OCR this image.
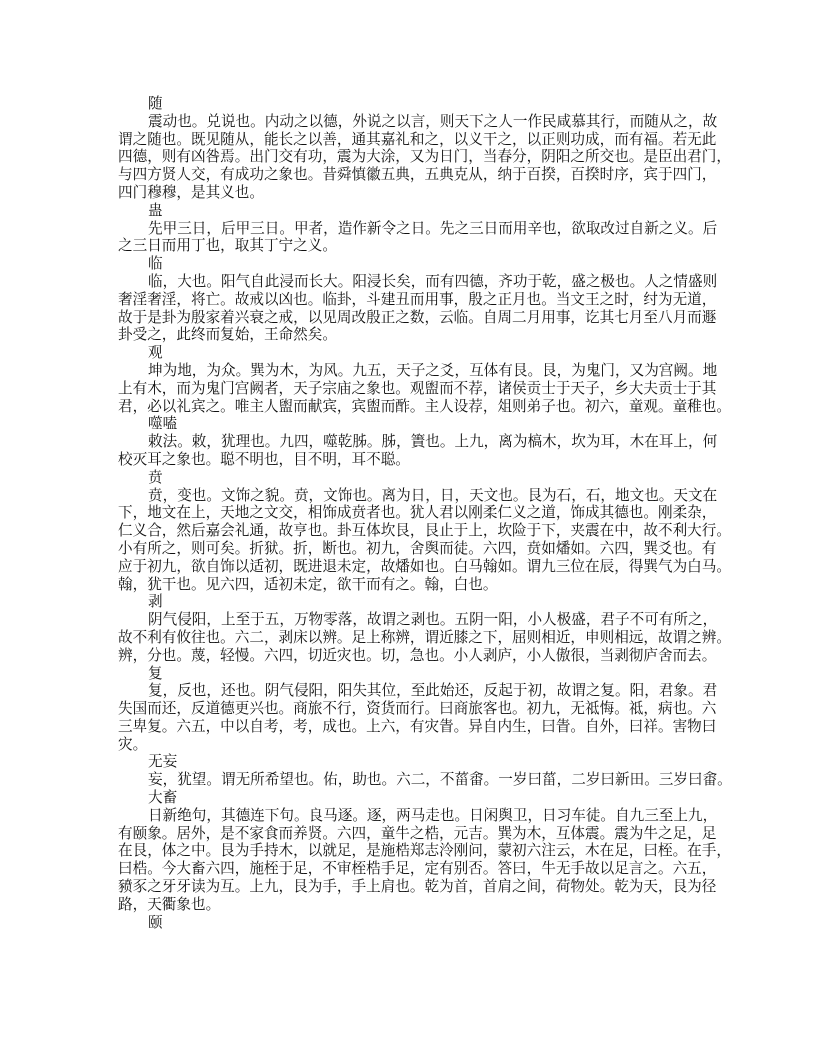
随
震动也。兑说也。内动之以德，外说之以言，则天下之人一作民咸慕其行，而随从之，故
谓之随也。既见随从，能长之以善，通其嘉礼和之，以义干之，以正则功成，而有福。若无此
四德，则有凶咎焉。出门交有功，震为大涂，又为日门，当春分，阴阳之所交也。是臣出君门，
与四方贤人交，有成功之象也。昔舜慎徽五典，五典克从，纳于百揆，百揆时序，宾于四门，
四门穆穆，是其义也。
蛊
先甲三日，后甲三日。甲者，造作新令之日。先之三日而用辛也，欲取改过自新之义。后
之三日而用丁也，取其丁宁之义。
临
临，大也。阳气自此浸而长大。阳浸长矣，而有四德，齐功于乾，盛之极也。人之情盛则
奢淫奢淫，将亡。故戒以凶也。临卦，斗建丑而用事，殷之正月也。当文王之时，纣为无道，
故于是卦为殷家着兴衰之戒，以见周改殷正之数，云临。自周二月用事，讫其七月至八月而遯
卦受之，此终而复始，王命然矣。
观
坤为地，为众。巽为木，为风。九五，天子之爻，互体有艮。艮，为鬼门，又为宫阙。地
上有木，而为鬼门宫阙者，天子宗庙之象也。观盥而不荐，诸侯贡士于天子，乡大夫贡士于其
君，必以礼宾之。唯主人盥而献宾，宾盥而酢。主人设荐，俎则弟子也。初六，童观。童稚也。
噬嗑
敕法。敕，犹理也。九四，噬乾胏。胏，簀也。上九，离为槁木，坎为耳，木在耳上，何
校灭耳之象也。聪不明也，目不明，耳不聪。
贲
贲，变也。文饰之貌。贲，文饰也。离为日，日，天文也。艮为石，石，地文也。天文在
下，地文在上，天地之文交，相饰成贲者也。犹人君以刚柔仁义之道，饰成其德也。刚柔杂，
仁义合，然后嘉会礼通，故亨也。卦互体坎艮，艮止于上，坎险于下，夹震在中，故不利大行。
小有所之，则可矣。折狱。折，断也。初九，舍舆而徒。六四，贲如燔如。六四，巽爻也。有
应于初九，欲自饰以适初，既进退未定，故燔如也。白马翰如。谓九三位在辰，得巽气为白马。
翰，犹干也。见六四，适初未定，欲干而有之。翰，白也。
剥
阴气侵阳，上至于五，万物零落，故谓之剥也。五阴一阳，小人极盛，君子不可有所之，
故不利有攸往也。六二，剥床以辨。足上称辨，谓近膝之下，屈则相近，申则相远，故谓之辨。
辨，分也。蔑，轻慢。六四，切近灾也。切，急也。小人剥庐，小人傲很，当剥彻庐舍而去。
复
复，反也，还也。阴气侵阳，阳失其位，至此始还，反起于初，故谓之复。阳，君象。君
失国而还，反道德更兴也。商旅不行，资货而行。曰商旅客也。初九，无祗悔。祗，病也。六
三卑复。六五，中以自考，考，成也。上六，有灾眚。异自内生，曰眚。自外，曰祥。害物曰
灾。
无妄
妄，犹望。谓无所希望也。佑，助也。六二，不菑畬。一岁曰菑，二岁曰新田。三岁曰畬。
大畜
日新绝句，其德连下句。良马逐。逐，两马走也。日闲舆卫，日习车徒。自九三至上九，
有颐象。居外，是不家食而养贤。六四，童牛之梏，元吉。巽为木，互体震。震为牛之足，足
在艮，体之中。艮为手持木，以就足，是施梏郑志泠刚问，蒙初六注云，木在足，曰桎。在手，
曰梏。今大畜六四，施桎于足，不审桎梏手足，定有别否。答曰，牛无手故以足言之。六五，
豮豕之牙牙读为互。上九，艮为手，手上肩也。乾为首，首肩之间，荷物处。乾为天，艮为径
路，天衢象也。
颐
